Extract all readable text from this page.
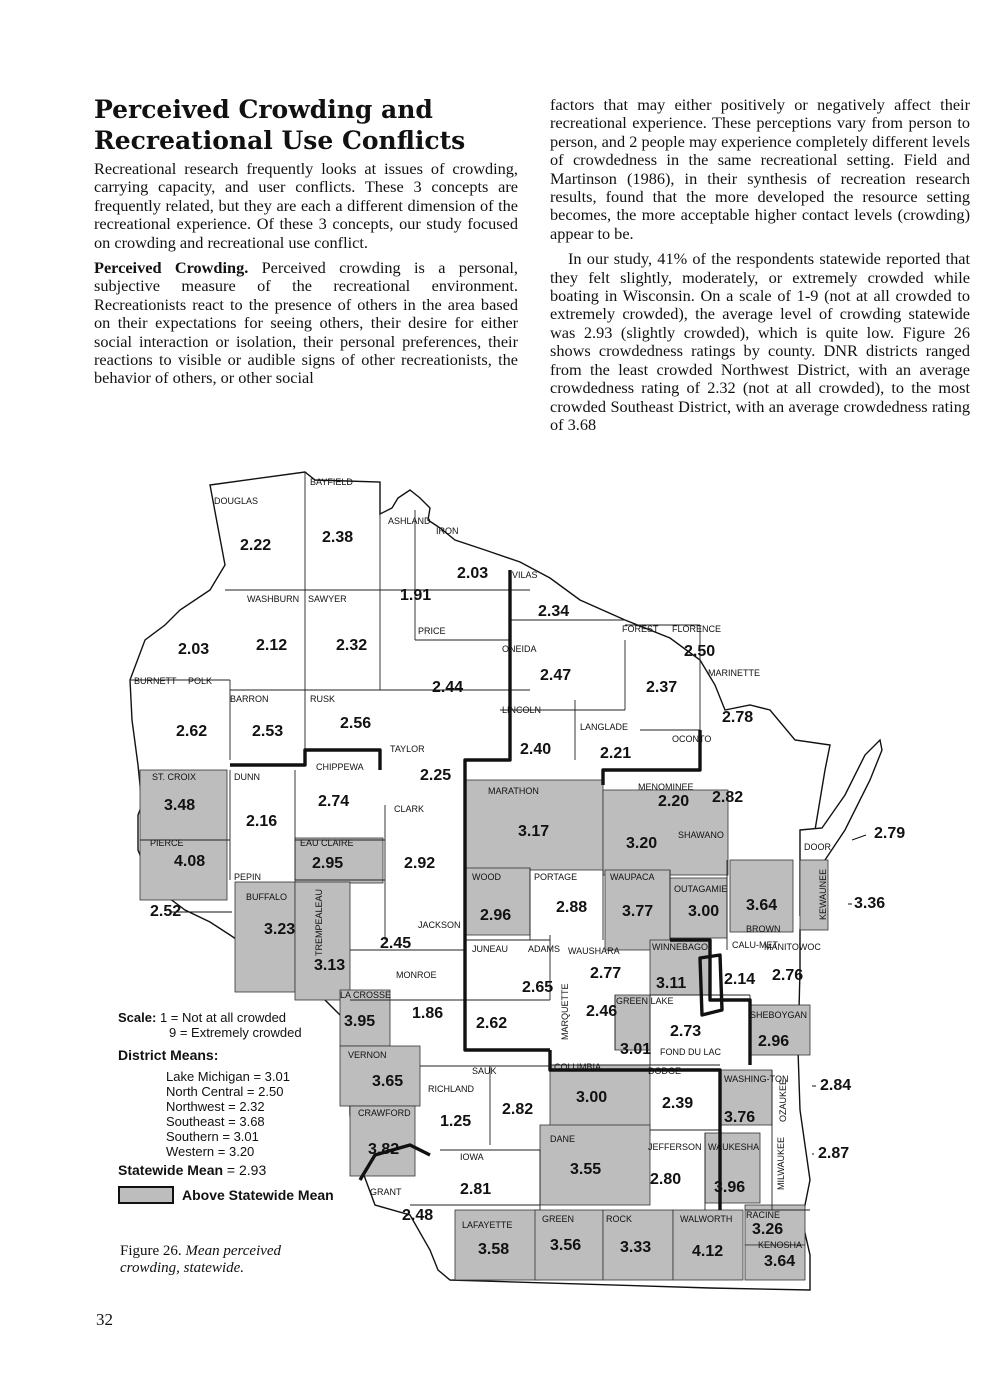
Perceived Crowding and
Recreational Use Conflicts

Recreational research frequently looks at issues of crowding, carrying capacity, and user conflicts. These 3 concepts are frequently related, but they are each a different dimension of the recreational experience. Of these 3 concepts, our study focused on crowding and recreational use conflict.

Perceived Crowding. Perceived crowding is a personal, subjective measure of the recreational environment. Recreationists react to the presence of others in the area based on their expectations for seeing others, their desire for either social interaction or isolation, their personal preferences, their reactions to visible or audible signs of other recreationists, the behavior of others, or other social

factors that may either positively or negatively affect their recreational experience. These perceptions vary from person to person, and 2 people may experience completely different levels of crowdedness in the same recreational setting. Field and Martinson (1986), in their synthesis of recreation research results, found that the more developed the resource setting becomes, the more acceptable higher contact levels (crowding) appear to be.

In our study, 41% of the respondents statewide reported that they felt slightly, moderately, or extremely crowded while boating in Wisconsin. On a scale of 1-9 (not at all crowded to extremely crowded), the average level of crowding statewide was 2.93 (slightly crowded), which is quite low. Figure 26 shows crowdedness ratings by county. DNR districts ranged from the least crowded Northwest District, with an average crowdedness rating of 2.32 (not at all crowded), to the most crowded Southeast District, with an average crowdedness rating of 3.68

DOUGLAS
2.22
BAYFIELD
2.38
ASHLAND
1.91
IRON
2.03	VILAS
2.34
WASHBURN
2.12
SAWYER
2.32
BURNETT
2.03
POLK
2.62
BARRON
2.53
RUSK
2.56
PRICE
2.44
ONEIDA
2.47
FOREST
2.37
FLORENCE
2.50
MARINETTE
2.78
LINCOLN
2.40
LANGLADE
2.21
OCONTO
2.82
TAYLOR
2.25
CHIPPEWA
2.74
ST. CROIX
3.48
DUNN
2.16
PIERCE
4.08
EAU CLAIRE
2.95
PEPIN
2.52
CLARK
2.92
MARATHON
3.17
MENOMINEE
2.20
SHAWANO
3.20	DOOR
2.79
KEWAUNEE 3.36
BUFFALO
3.23 TREMPEALEAU
3.13
JACKSON
2.45
WOOD
2.96
PORTAGE
2.88
WAUPACA
3.77
OUTAGAMIE
3.00
BROWN
3.64
JUNEAU
2.62
ADAMS
2.65
WAUSHARA
2.77
WINNEBAGO
3.11
CALU-MET
2.14
MANITOWOC
2.76
MONROE
1.86
LA CROSSE
3.95	MARQUETTE 2.46
GREEN LAKE
3.01 FOND DU LAC
2.73
SHEBOYGAN
2.96
VERNON
3.65
SAUK
2.82
RICHLAND
1.25
COLUMBIA
3.00
DODGE
2.39
WASHING-TON
3.76	OZAUKEE 2.84
CRAWFORD
3.82
DANE
3.55
JEFFERSON
2.80
WAUKESHA
3.96	MILWAUKEE 2.87
IOWA
2.81
GRANT
2.48
LAFAYETTE
3.58
GREEN
3.56
ROCK
3.33
WALWORTH
4.12
RACINE
3.26
KENOSHA
3.64
Scale: 1 = Not at all crowded
9 = Extremely crowded
District Means:
Lake Michigan = 3.01
North Central = 2.50
Northwest = 2.32
Southeast = 3.68
Southern = 3.01
Western = 3.20
Statewide Mean = 2.93
Above Statewide Mean
Figure 26. Mean perceived crowding, statewide.
32
